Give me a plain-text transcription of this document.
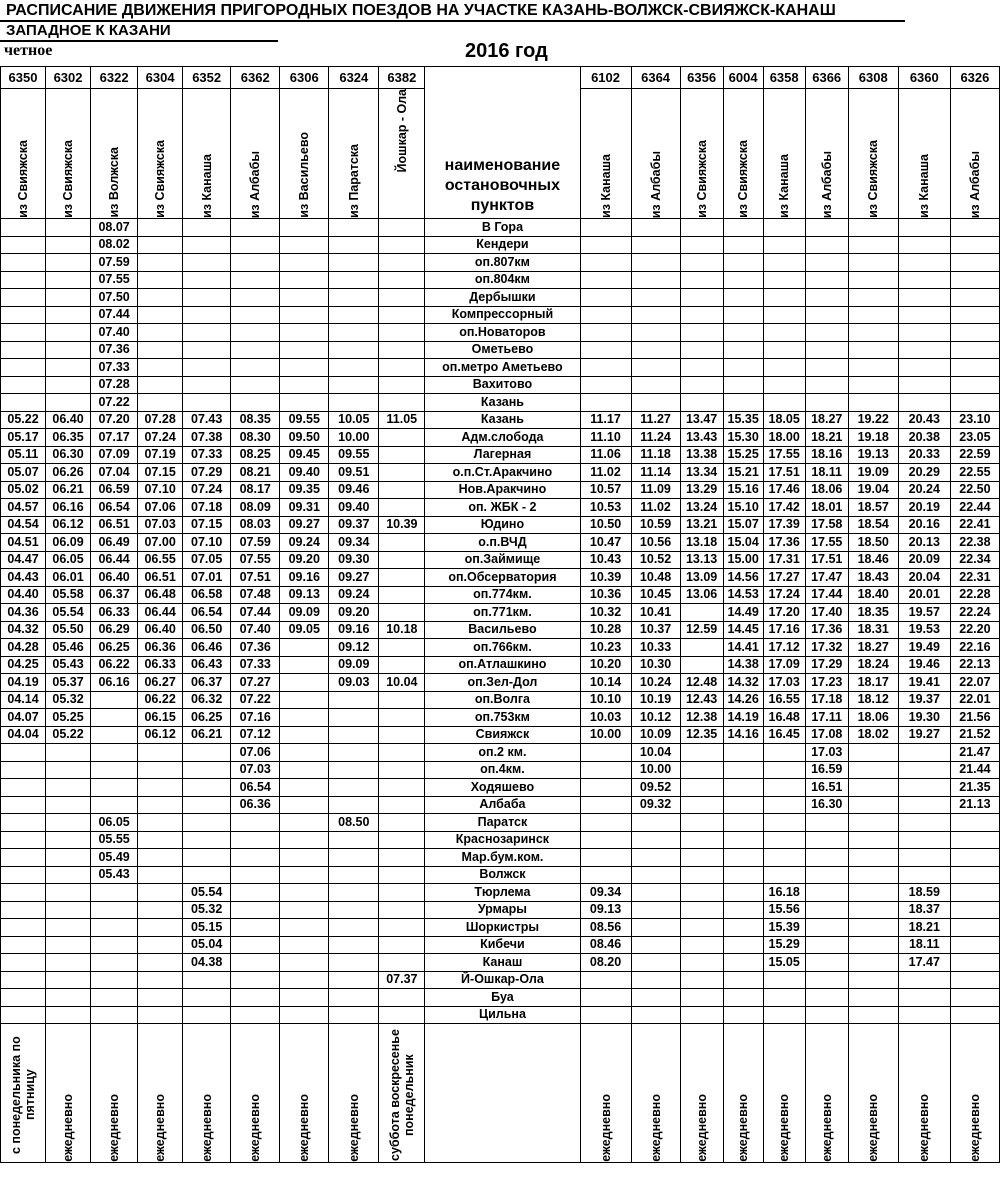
РАСПИСАНИЕ ДВИЖЕНИЯ ПРИГОРОДНЫХ ПОЕЗДОВ НА УЧАСТКЕ КАЗАНЬ-ВОЛЖСК-СВИЯЖСК-КАНАШ
ЗАПАДНОЕ К КАЗАНИ
четное	2016 год
6350	6302	6322	6304	6352	6362	6306	6324	6382	наименование остановочных пунктов	6102	6364	6356	6004	6358	6366	6308	6360	6326

из Свияжска	из Свияжска	из Волжска	из Свияжска	из Канаша	из Албабы	из Васильево	из Паратска	Йошкар - Ола		из Канаша	из Албабы	из Свияжска	из Свияжска	из Канаша	из Албабы	из Свияжска	из Канаша	из Албабы

		08.07							В Гора									
		08.02							Кендери									
		07.59							оп.807км									
		07.55							оп.804км									
		07.50							Дербышки									
		07.44							Компрессорный									
		07.40							оп.Новаторов									
		07.36							Ометьево									
		07.33							оп.метро Аметьево									
		07.28							Вахитово									
		07.22							Казань									
05.22	06.40	07.20	07.28	07.43	08.35	09.55	10.05	11.05	Казань	11.17	11.27	13.47	15.35	18.05	18.27	19.22	20.43	23.10
05.17	06.35	07.17	07.24	07.38	08.30	09.50	10.00		Адм.слобода	11.10	11.24	13.43	15.30	18.00	18.21	19.18	20.38	23.05
05.11	06.30	07.09	07.19	07.33	08.25	09.45	09.55		Лагерная	11.06	11.18	13.38	15.25	17.55	18.16	19.13	20.33	22.59
05.07	06.26	07.04	07.15	07.29	08.21	09.40	09.51		о.п.Ст.Аракчино	11.02	11.14	13.34	15.21	17.51	18.11	19.09	20.29	22.55
05.02	06.21	06.59	07.10	07.24	08.17	09.35	09.46		Нов.Аракчино	10.57	11.09	13.29	15.16	17.46	18.06	19.04	20.24	22.50
04.57	06.16	06.54	07.06	07.18	08.09	09.31	09.40		оп. ЖБК - 2	10.53	11.02	13.24	15.10	17.42	18.01	18.57	20.19	22.44
04.54	06.12	06.51	07.03	07.15	08.03	09.27	09.37	10.39	Юдино	10.50	10.59	13.21	15.07	17.39	17.58	18.54	20.16	22.41
04.51	06.09	06.49	07.00	07.10	07.59	09.24	09.34		о.п.ВЧД	10.47	10.56	13.18	15.04	17.36	17.55	18.50	20.13	22.38
04.47	06.05	06.44	06.55	07.05	07.55	09.20	09.30		оп.Займище	10.43	10.52	13.13	15.00	17.31	17.51	18.46	20.09	22.34
04.43	06.01	06.40	06.51	07.01	07.51	09.16	09.27		оп.Обсерватория	10.39	10.48	13.09	14.56	17.27	17.47	18.43	20.04	22.31
04.40	05.58	06.37	06.48	06.58	07.48	09.13	09.24		оп.774км.	10.36	10.45	13.06	14.53	17.24	17.44	18.40	20.01	22.28
04.36	05.54	06.33	06.44	06.54	07.44	09.09	09.20		оп.771км.	10.32	10.41		14.49	17.20	17.40	18.35	19.57	22.24
04.32	05.50	06.29	06.40	06.50	07.40	09.05	09.16	10.18	Васильево	10.28	10.37	12.59	14.45	17.16	17.36	18.31	19.53	22.20
04.28	05.46	06.25	06.36	06.46	07.36		09.12		оп.766км.	10.23	10.33		14.41	17.12	17.32	18.27	19.49	22.16
04.25	05.43	06.22	06.33	06.43	07.33		09.09		оп.Атлашкино	10.20	10.30		14.38	17.09	17.29	18.24	19.46	22.13
04.19	05.37	06.16	06.27	06.37	07.27		09.03	10.04	оп.Зел-Дол	10.14	10.24	12.48	14.32	17.03	17.23	18.17	19.41	22.07
04.14	05.32		06.22	06.32	07.22				оп.Волга	10.10	10.19	12.43	14.26	16.55	17.18	18.12	19.37	22.01
04.07	05.25		06.15	06.25	07.16				оп.753км	10.03	10.12	12.38	14.19	16.48	17.11	18.06	19.30	21.56
04.04	05.22		06.12	06.21	07.12				Свияжск	10.00	10.09	12.35	14.16	16.45	17.08	18.02	19.27	21.52
					07.06				оп.2 км.		10.04				17.03			21.47
					07.03				оп.4км.		10.00				16.59			21.44
					06.54				Ходяшево		09.52				16.51			21.35
					06.36				Албаба		09.32				16.30			21.13
		06.05					08.50		Паратск									
		05.55							Краснозаринск									
		05.49							Мар.бум.ком.									
		05.43							Волжск									
				05.54					Тюрлема	09.34				16.18			18.59	
				05.32					Урмары	09.13				15.56			18.37	
				05.15					Шоркистры	08.56				15.39			18.21	
				05.04					Кибечи	08.46				15.29			18.11	
				04.38					Канаш	08.20				15.05			17.47	
								07.37	Й-Ошкар-Ола									
									Буа									
									Цильна									

с понедельника по пятницу	ежедневно	ежедневно	ежедневно	ежедневно	ежедневно	ежедневно	ежедневно	суббота воскресенье понедельник		ежедневно	ежедневно	ежедневно	ежедневно	ежедневно	ежедневно	ежедневно	ежедневно	ежедневно
